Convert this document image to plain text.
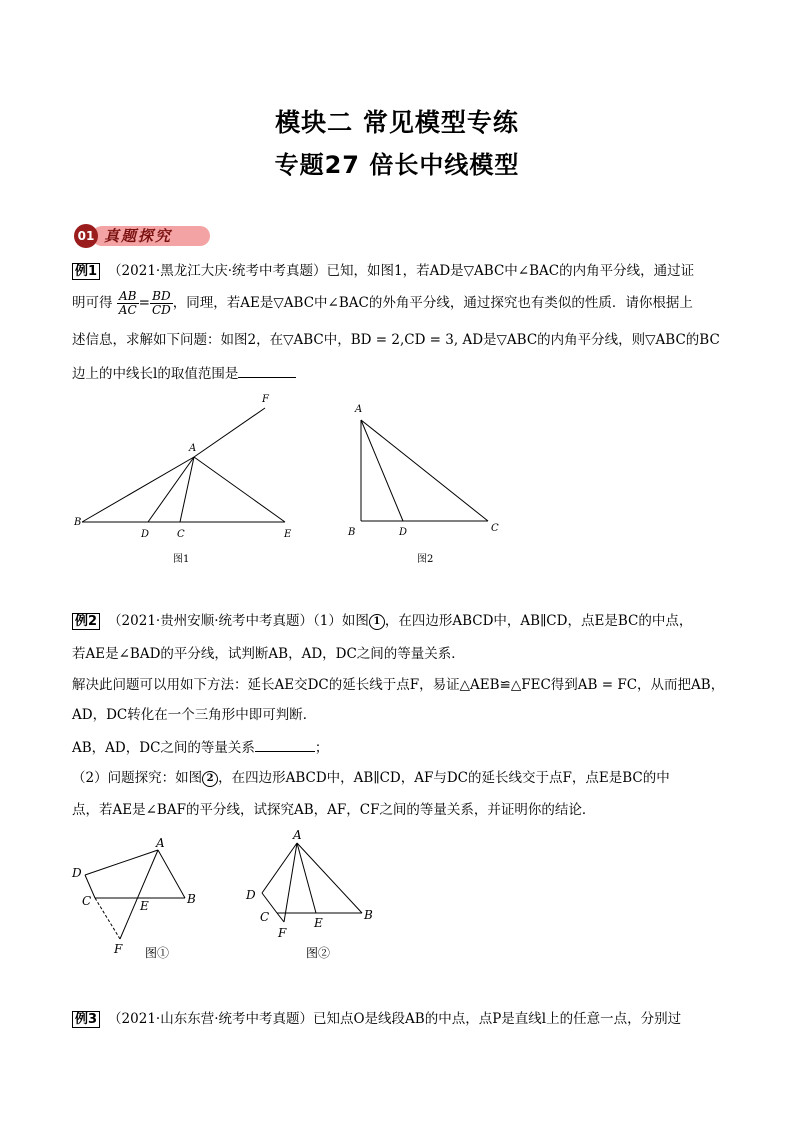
模块二 常见模型专练
专题27 倍长中线模型
01 真题探究
例1 （2021·黑龙江大庆·统考中考真题）已知，如图1，若AD是▽ABC中∠BAC的内角平分线，通过证
明可得 $\frac{AB}{AC} = \frac{BD}{CD}$ ，同理，若AE是▽ABC中∠BAC的外角平分线，通过探究也有类似的性质．请你根据上
述信息，求解如下问题：如图2，在▽ABC中，BD = 2,CD = 3, AD是▽ABC的内角平分线，则▽ABC的BC
边上的中线长l的取值范围是
F
A
B
D	C	E
图1
A
B	D	C
图2
例2 （2021·贵州安顺·统考中考真题）（1）如图 1 ，在四边形ABCD中，AB∥CD，点E是BC的中点，
若AE是∠BAD的平分线，试判断AB，AD，DC之间的等量关系．
解决此问题可以用如下方法：延长AE交DC的延长线于点F，易证△AEB≌△FEC得到AB = FC，从而把AB，
AD，DC转化在一个三角形中即可判断．
AB，AD，DC之间的等量关系	；
（2）问题探究：如图 2 ，在四边形ABCD中，AB∥CD，AF与DC的延长线交于点F，点E是BC的中
点，若AE是∠BAF的平分线，试探究AB，AF，CF之间的等量关系，并证明你的结论．
A
D
C	E	B
F 图①
A
D
C
F
E
B
图②
例3 （2021·山东东营·统考中考真题）已知点O是线段AB的中点，点P是直线l上的任意一点，分别过
